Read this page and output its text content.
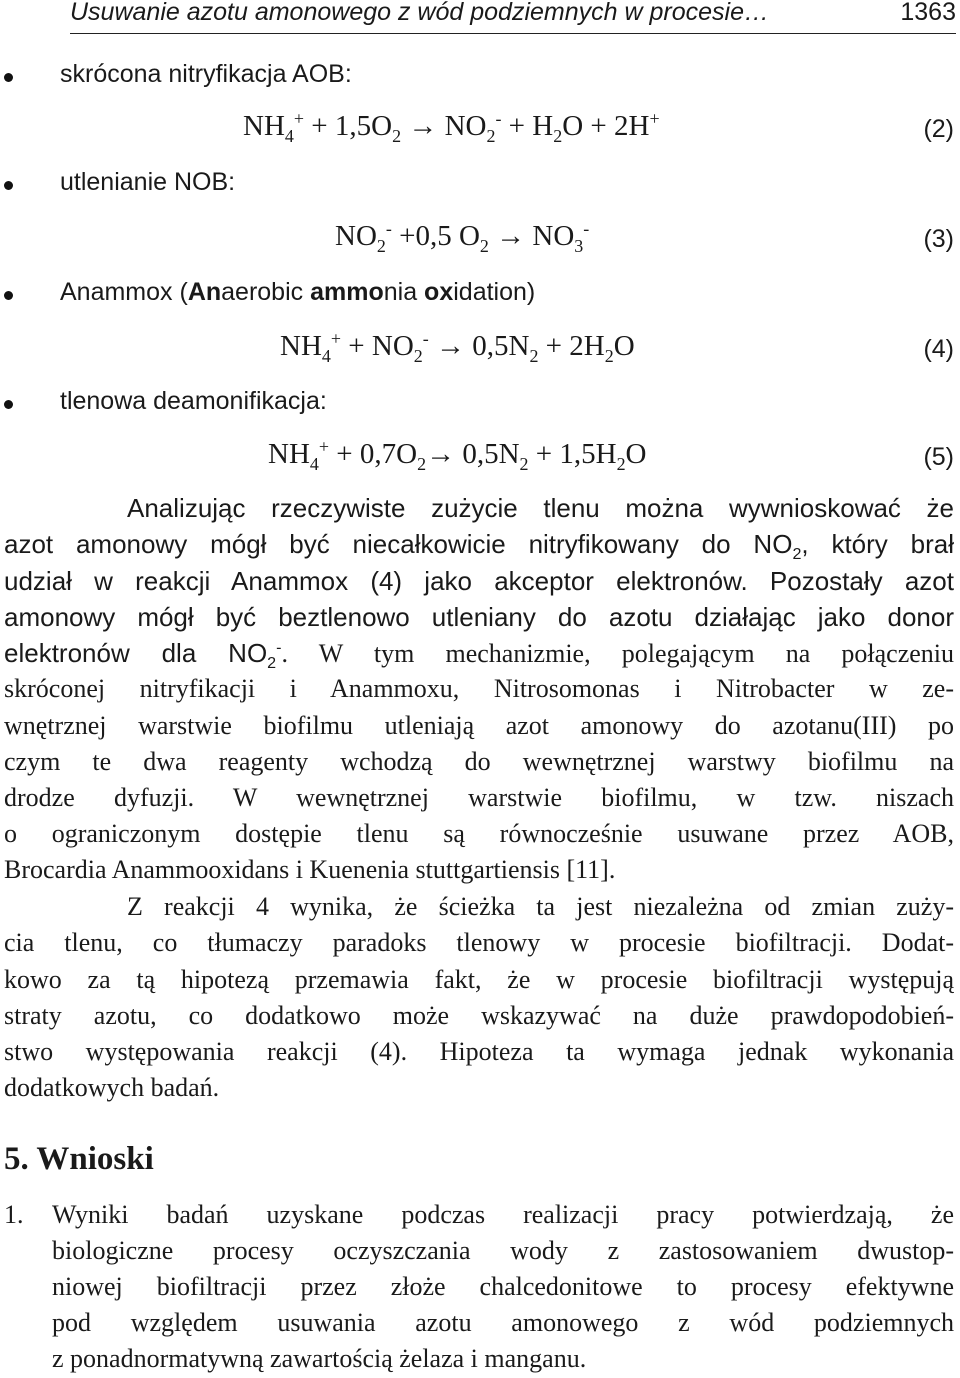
Usuwanie azotu amonowego z wód podziemnych w procesie…	1363
skrócona nitryfikacja AOB:
$NH_4^+ + 1,5O_2 \to NO_2^- + H_2O + 2H^+$	(2)
utlenianie NOB:
$NO_2^- +0,5$ $O_2 \to NO_3^-$	(3)
Anammox (Anaerobic ammonia oxidation)
$NH_4^+ + NO_2^- \to 0,5N_2 + 2H_2O$	(4)
tlenowa deamonifikacja:
$NH_4^+ + 0,7O_2\to 0,5N_2 + 1,5H_2O$	(5)
Analizując rzeczywiste zużycie tlenu można wywnioskować że
azot amonowy mógł być niecałkowicie nitryfikowany do $NO_2$, który brał
udział w reakcji Anammox (4) jako akceptor elektronów. Pozostały azot
amonowy mógł być beztlenowo utleniany do azotu działając jako donor
elektronów dla $NO_2^-$. W tym mechanizmie, polegającym na połączeniu
skróconej nitryfikacji i Anammoxu, Nitrosomonas i Nitrobacter w ze-
wnętrznej warstwie biofilmu utleniają azot amonowy do azotanu(III) po
czym te dwa reagenty wchodzą do wewnętrznej warstwy biofilmu na
drodze dyfuzji. W wewnętrznej warstwie biofilmu, w tzw. niszach
o ograniczonym dostępie tlenu są równocześnie usuwane przez AOB,
Brocardia Anammooxidans i Kuenenia stuttgartiensis [11].
Z reakcji 4 wynika, że ścieżka ta jest niezależna od zmian zuży-
cia tlenu, co tłumaczy paradoks tlenowy w procesie biofiltracji. Dodat-
kowo za tą hipotezą przemawia fakt, że w procesie biofiltracji występują
straty azotu, co dodatkowo może wskazywać na duże prawdopodobień-
stwo występowania reakcji (4). Hipoteza ta wymaga jednak wykonania
dodatkowych badań.
5. Wnioski
1. Wyniki badań uzyskane podczas realizacji pracy potwierdzają, że
biologiczne procesy oczyszczania wody z zastosowaniem dwustop-
niowej biofiltracji przez złoże chalcedonitowe to procesy efektywne
pod względem usuwania azotu amonowego z wód podziemnych
z ponadnormatywną zawartością żelaza i manganu.
